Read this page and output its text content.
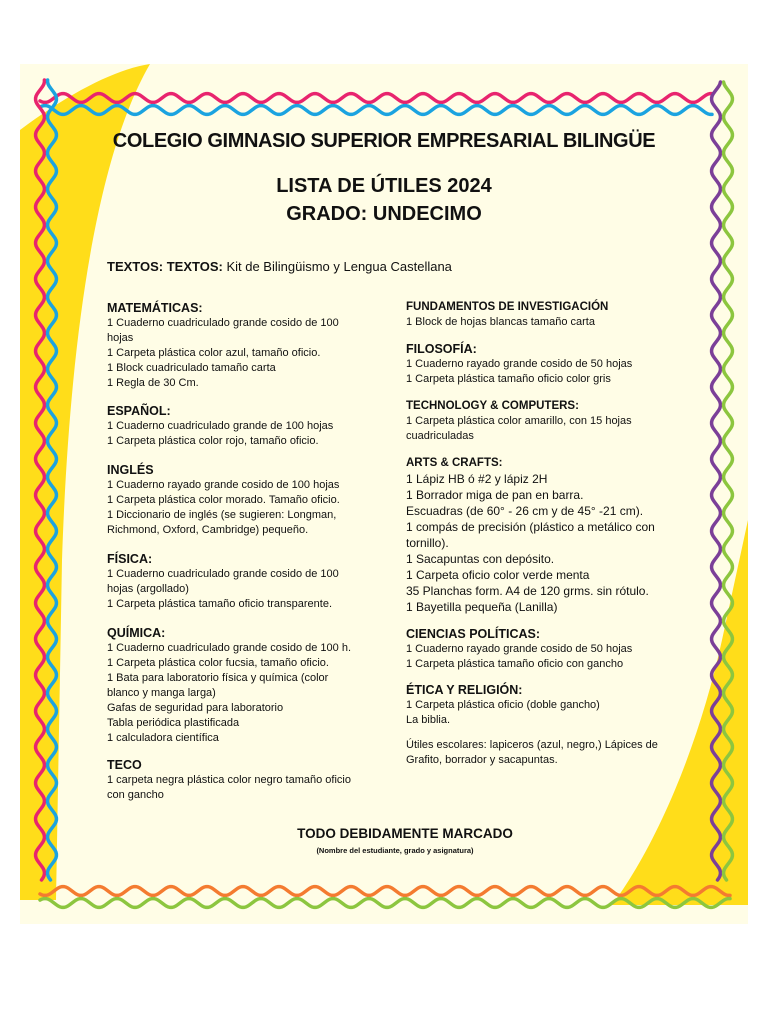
COLEGIO GIMNASIO SUPERIOR EMPRESARIAL BILINGÜE
LISTA DE ÚTILES 2024
GRADO: UNDECIMO
TEXTOS: TEXTOS: Kit de Bilingüismo y Lengua Castellana
MATEMÁTICAS:
1 Cuaderno cuadriculado grande cosido de 100 hojas
1 Carpeta plástica color azul, tamaño oficio.
1 Block cuadriculado tamaño carta
1 Regla de 30 Cm.
ESPAÑOL:
1 Cuaderno cuadriculado grande de 100 hojas
1 Carpeta plástica color rojo, tamaño oficio.
INGLÉS
1 Cuaderno rayado grande cosido de 100 hojas
1 Carpeta plástica color morado. Tamaño oficio.
1 Diccionario de inglés (se sugieren: Longman, Richmond, Oxford, Cambridge) pequeño.
FÍSICA:
1 Cuaderno cuadriculado grande cosido de 100 hojas (argollado)
1 Carpeta plástica tamaño oficio transparente.
QUÍMICA:
1 Cuaderno cuadriculado grande cosido de 100 h.
1 Carpeta plástica color fucsia, tamaño oficio.
1 Bata para laboratorio física y química (color blanco y manga larga)
Gafas de seguridad para laboratorio
Tabla periódica plastificada
1 calculadora científica
TECO
1 carpeta negra plástica color negro tamaño oficio con gancho
FUNDAMENTOS DE INVESTIGACIÓN
1 Block de hojas blancas tamaño carta
FILOSOFÍA:
1 Cuaderno rayado grande cosido de 50 hojas
1 Carpeta plástica tamaño oficio color gris
TECHNOLOGY & COMPUTERS:
1 Carpeta plástica color amarillo, con 15 hojas cuadriculadas
ARTS & CRAFTS:
1 Lápiz HB ó #2 y lápiz 2H
1 Borrador miga de pan en barra.
Escuadras (de 60° - 26 cm y de 45° -21 cm).
1 compás de precisión (plástico a metálico con tornillo).
1 Sacapuntas con depósito.
1 Carpeta oficio color verde menta
35 Planchas form. A4 de 120 grms. sin rótulo.
1 Bayetilla pequeña (Lanilla)
CIENCIAS POLÍTICAS:
1 Cuaderno rayado grande cosido de 50 hojas
1 Carpeta plástica tamaño oficio con gancho
ÉTICA Y RELIGIÓN:
1 Carpeta plástica oficio (doble gancho)
La biblia.
Útiles escolares: lapiceros (azul, negro,) Lápices de Grafito, borrador y sacapuntas.
TODO DEBIDAMENTE MARCADO
(Nombre del estudiante, grado y asignatura)
